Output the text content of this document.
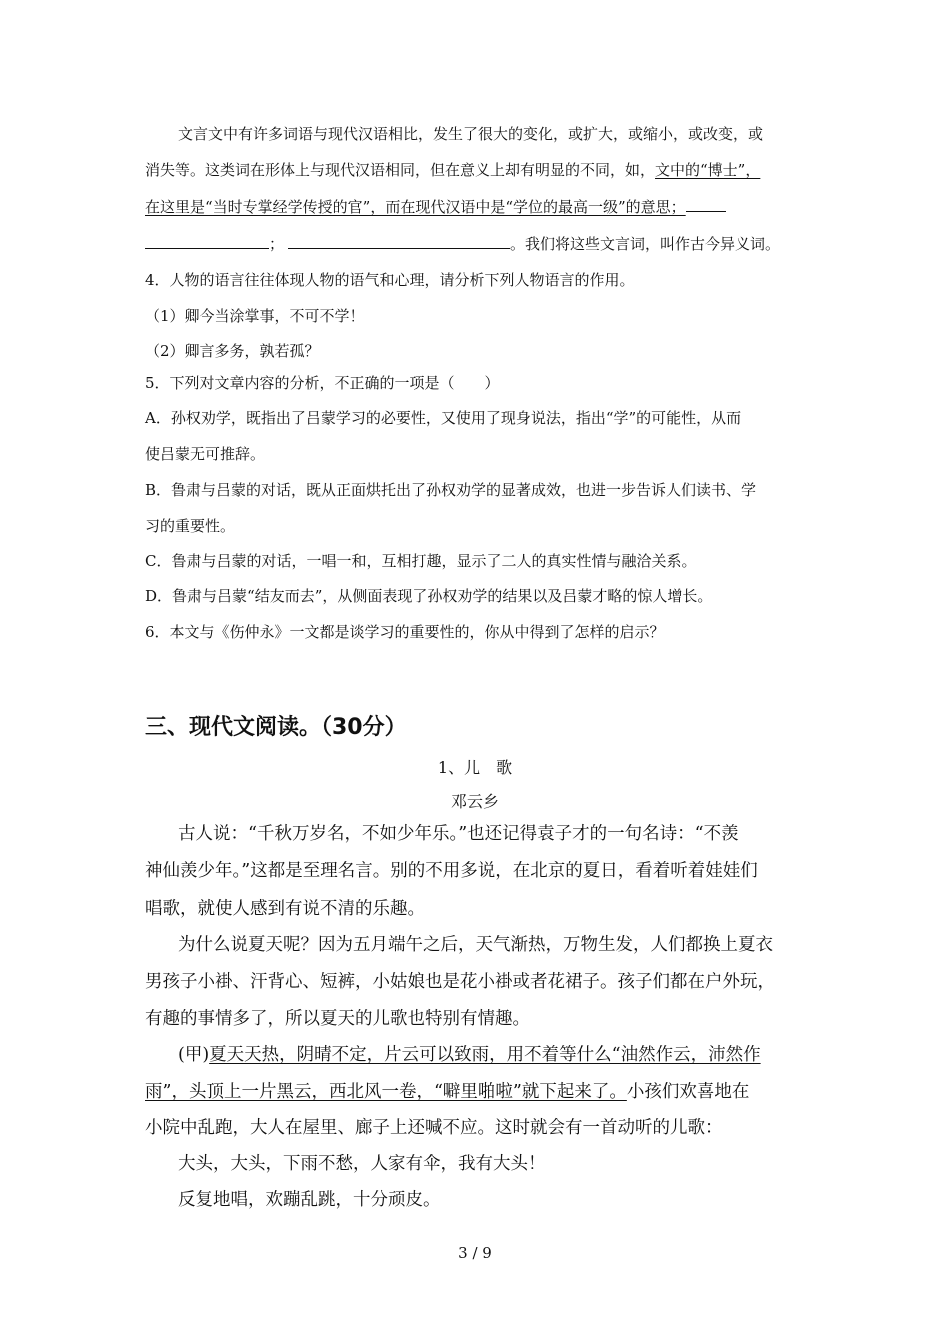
文言文中有许多词语与现代汉语相比，发生了很大的变化，或扩大，或缩小，或改变，或
消失等。这类词在形体上与现代汉语相同，但在意义上却有明显的不同，如，文中的“博士”，
在这里是“当时专掌经学传授的官”，而在现代汉语中是“学位的最高一级”的意思；
；	。我们将这些文言词，叫作古今异义词。
4．人物的语言往往体现人物的语气和心理，请分析下列人物语言的作用。
（1）卿今当涂掌事，不可不学！
（2）卿言多务，孰若孤？
5．下列对文章内容的分析，不正确的一项是（　　）
A．孙权劝学，既指出了吕蒙学习的必要性，又使用了现身说法，指出“学”的可能性，从而
使吕蒙无可推辞。
B．鲁肃与吕蒙的对话，既从正面烘托出了孙权劝学的显著成效，也进一步告诉人们读书、学
习的重要性。
C．鲁肃与吕蒙的对话，一唱一和，互相打趣，显示了二人的真实性情与融洽关系。
D．鲁肃与吕蒙“结友而去”，从侧面表现了孙权劝学的结果以及吕蒙才略的惊人增长。
6．本文与《伤仲永》一文都是谈学习的重要性的，你从中得到了怎样的启示？
三、现代文阅读。（30分）
1、儿　歌
邓云乡
古人说：“千秋万岁名，不如少年乐。”也还记得袁子才的一句名诗：“不羡
神仙羡少年。”这都是至理名言。别的不用多说，在北京的夏日，看着听着娃娃们
唱歌，就使人感到有说不清的乐趣。
为什么说夏天呢？因为五月端午之后，天气渐热，万物生发，人们都换上夏衣
男孩子小褂、汗背心、短裤，小姑娘也是花小褂或者花裙子。孩子们都在户外玩，
有趣的事情多了，所以夏天的儿歌也特别有情趣。
(甲)夏天天热，阴晴不定，片云可以致雨，用不着等什么“油然作云，沛然作
雨”，头顶上一片黑云，西北风一卷，“噼里啪啦”就下起来了。小孩们欢喜地在
小院中乱跑，大人在屋里、廊子上还喊不应。这时就会有一首动听的儿歌：
大头，大头，下雨不愁，人家有伞，我有大头！
反复地唱，欢蹦乱跳，十分顽皮。
3 / 9
